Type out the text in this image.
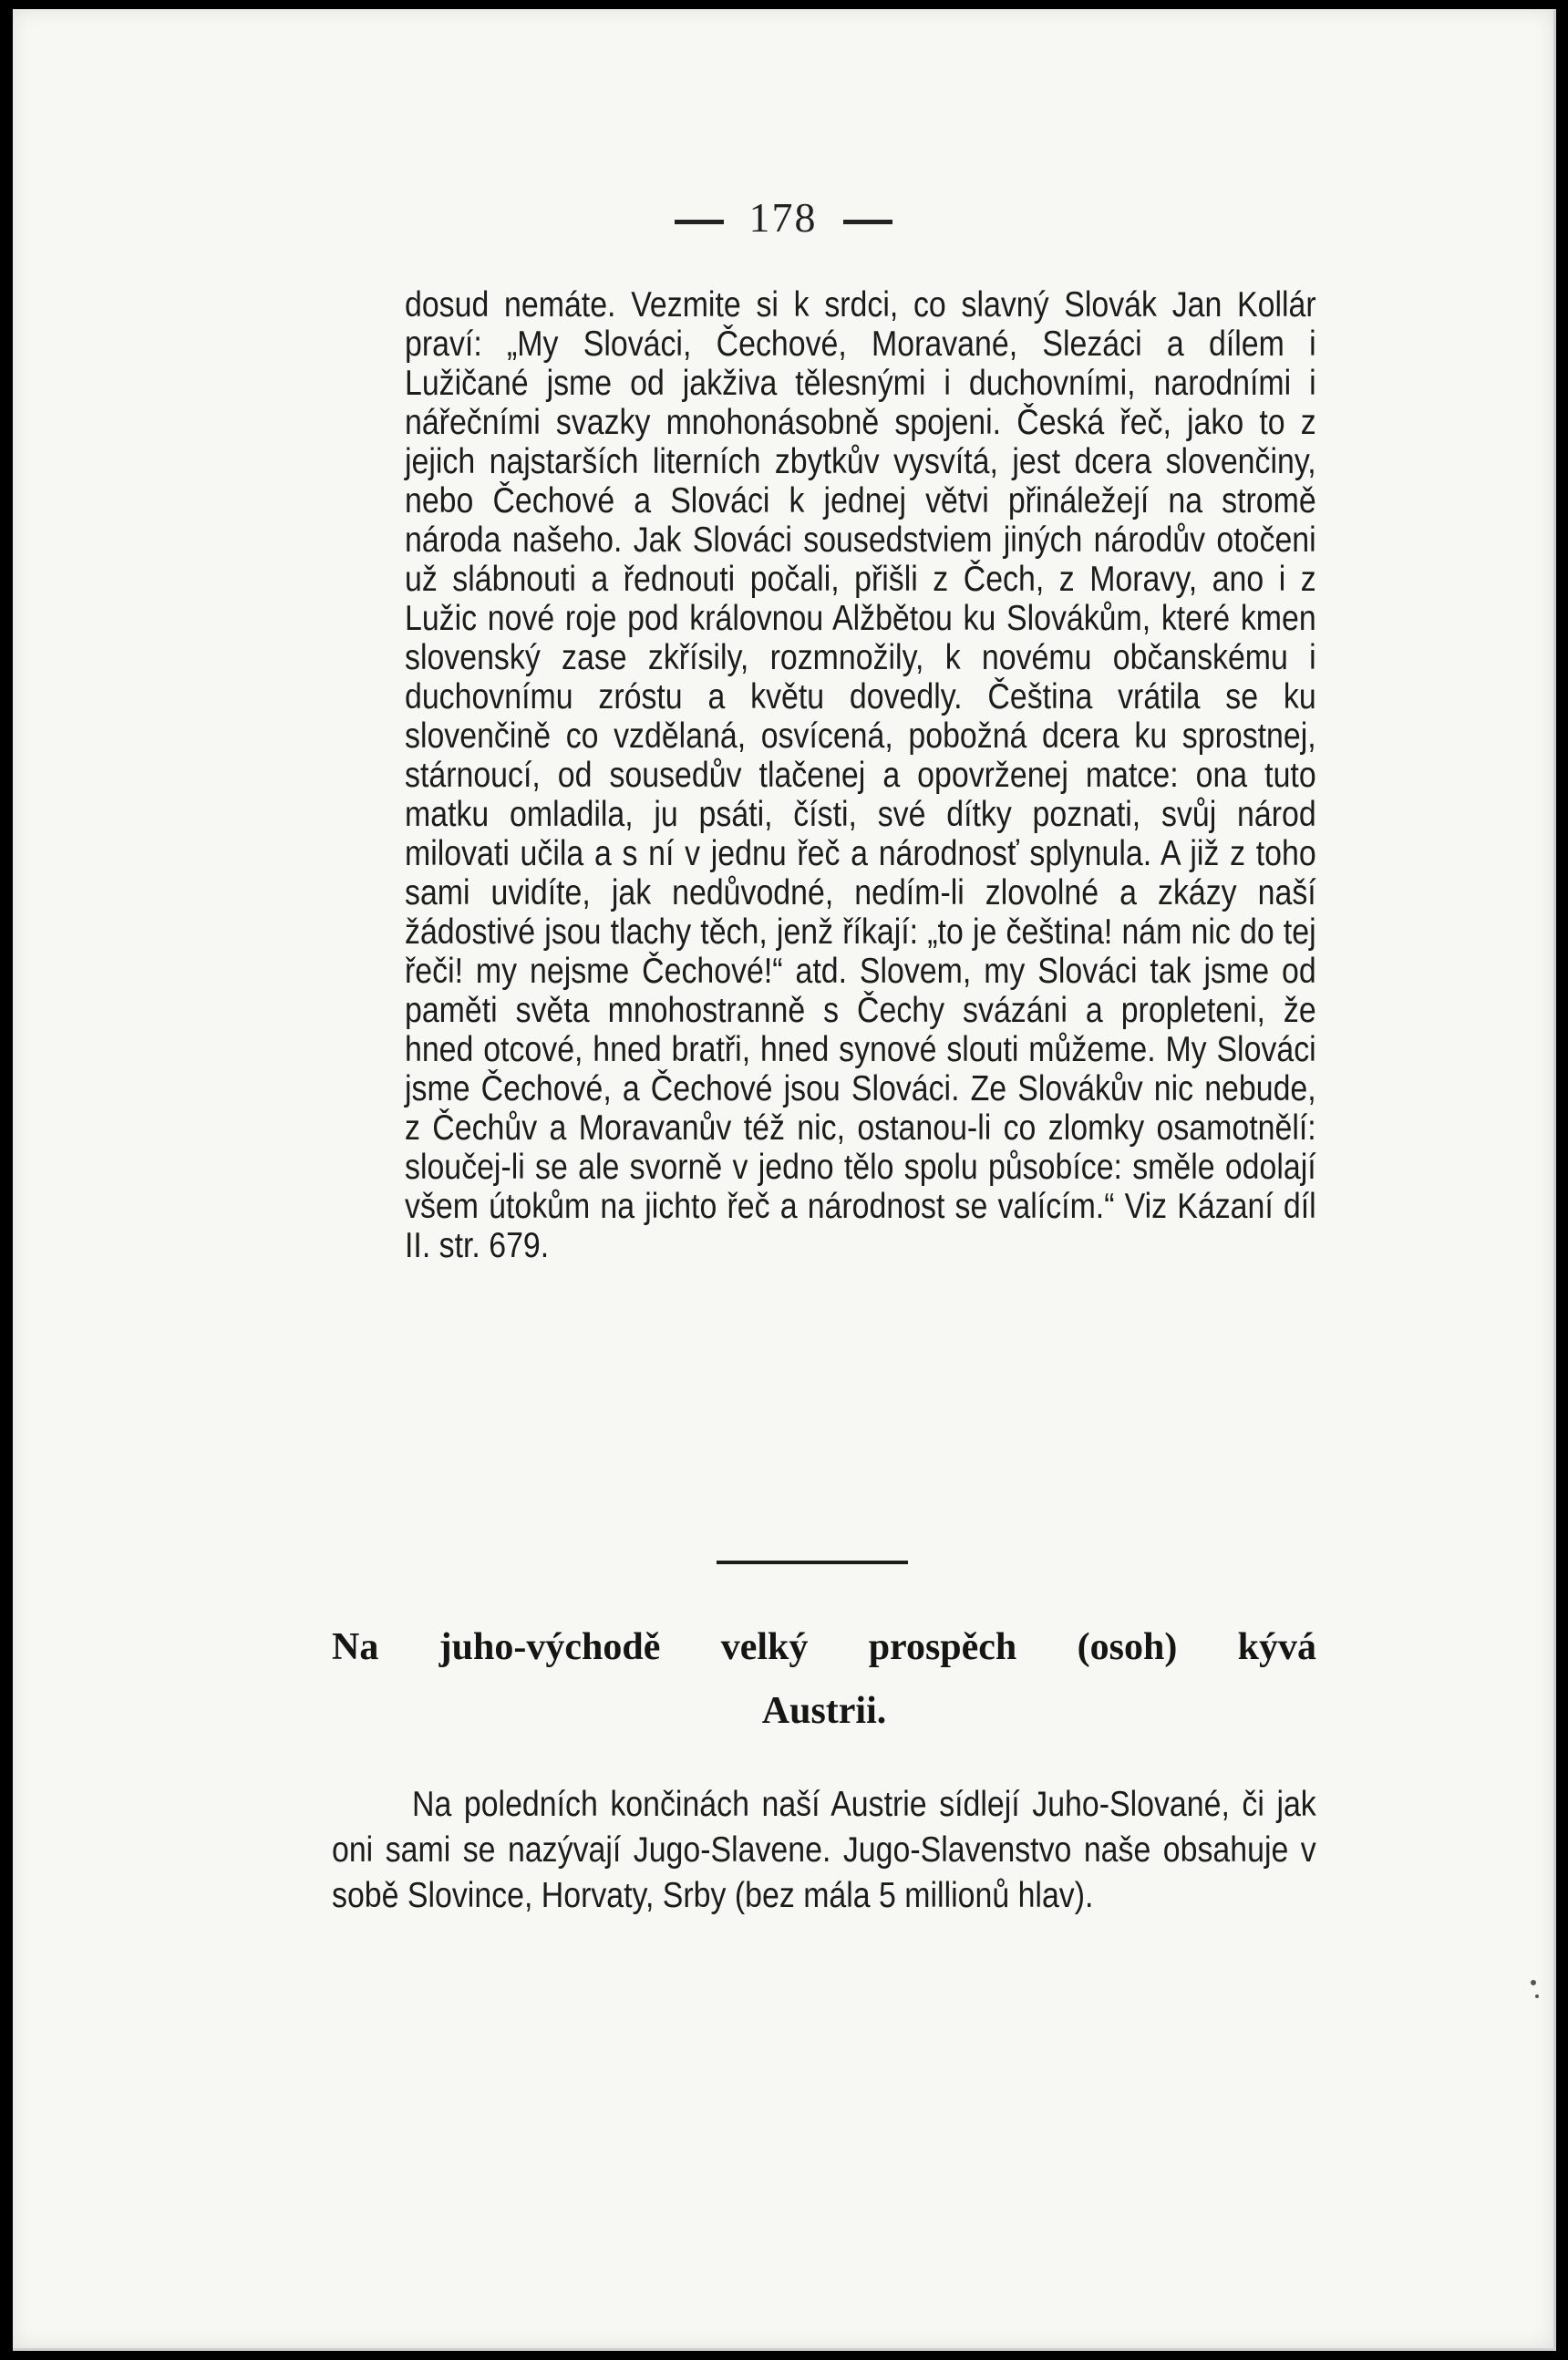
178

dosud nemáte. Vezmite si k srdci, co slavný Slovák Jan Kollár praví: „My Slováci, Čechové, Moravané, Slezáci a dílem i Lužičané jsme od jakživa tělesnými i duchovními, narodními i nářečními svazky mnohonásobně spojeni. Česká řeč, jako to z jejich najstarších literních zbytkův vysvítá, jest dcera slovenčiny, nebo Čechové a Slováci k jednej větvi přináležejí na stromě národa našeho. Jak Slováci sousedstviem jiných národův otočeni už slábnouti a řednouti počali, přišli z Čech, z Moravy, ano i z Lužic nové roje pod královnou Alžbětou ku Slovákům, které kmen slovenský zase zkřísily, rozmnožily, k novému občanskému i duchovnímu zróstu a květu dovedly. Čeština vrátila se ku slovenčině co vzdělaná, osvícená, pobožná dcera ku sprostnej, stárnoucí, od sousedův tlačenej a opovrženej matce: ona tuto matku omladila, ju psáti, čísti, své dítky poznati, svůj národ milovati učila a s ní v jednu řeč a národnosť splynula. A již z toho sami uvidíte, jak nedůvodné, nedím-li zlovolné a zkázy naší žádostivé jsou tlachy těch, jenž říkají: „to je čeština! nám nic do tej řeči! my nejsme Čechové!“ atd. Slovem, my Slováci tak jsme od paměti světa mnohostranně s Čechy svázáni a propleteni, že hned otcové, hned bratři, hned synové slouti můžeme. My Slováci jsme Čechové, a Čechové jsou Slováci. Ze Slovákův nic nebude, z Čechův a Moravanův též nic, ostanou-li co zlomky osamotnělí: sloučej-li se ale svorně v jedno tělo spolu působíce: směle odolají všem útokům na jichto řeč a národnost se valícím.“ Viz Kázaní díl II. str. 679.

Na juho-východě velký prospěch (osoh) kývá
Austrii.

Na poledních končinách naší Austrie sídlejí Juho-Slované, či jak oni sami se nazývají Jugo-Slavene. Jugo-Slavenstvo naše obsahuje v sobě Slovince, Horvaty, Srby (bez mála 5 millionů hlav).
